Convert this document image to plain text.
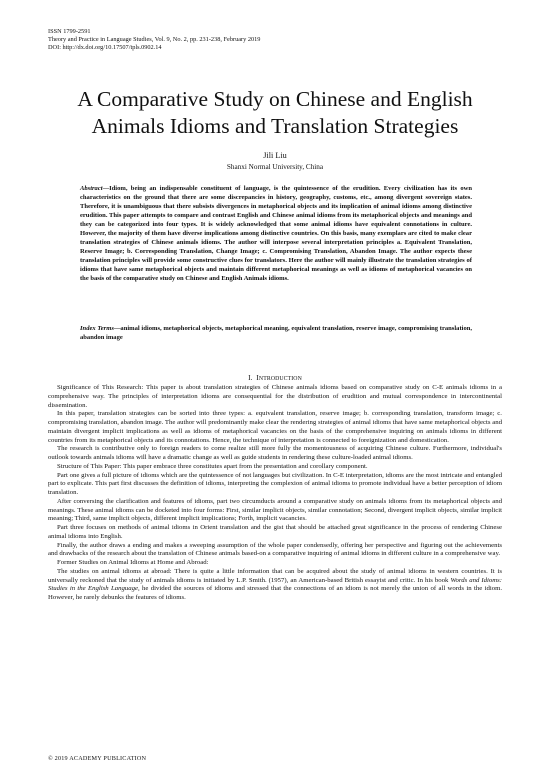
ISSN 1799-2591
Theory and Practice in Language Studies, Vol. 9, No. 2, pp. 231-238, February 2019
DOI: http://dx.doi.org/10.17507/tpls.0902.14
A Comparative Study on Chinese and English
Animals Idioms and Translation Strategies
Jili Liu
Shanxi Normal University, China
Abstract—Idiom, being an indispensable constituent of language, is the quintessence of the erudition. Every civilization has its own characteristics on the ground that there are some discrepancies in history, geography, customs, etc., among divergent sovereign states. Therefore, it is unambiguous that there subsists divergences in metaphorical objects and its implication of animal idioms among distinctive erudition. This paper attempts to compare and contrast English and Chinese animal idioms from its metaphorical objects and meanings and they can be categorized into four types. It is widely acknowledged that some animal idioms have equivalent connotations in culture. However, the majority of them have diverse implications among distinctive countries. On this basis, many exemplars are cited to make clear translation strategies of Chinese animals idioms. The author will interpose several interpretation principles a. Equivalent Translation, Reserve Image; b. Corresponding Translation, Change Image; c. Compromising Translation, Abandon Image. The author expects these translation principles will provide some constructive clues for translators. Here the author will mainly illustrate the translation strategies of idioms that have same metaphorical objects and maintain different metaphorical meanings as well as idioms of metaphorical vacancies on the basis of the comparative study on Chinese and English Animals idioms.
Index Terms—animal idioms, metaphorical objects, metaphorical meaning, equivalent translation, reserve image, compromising translation, abandon image
I. INTRODUCTION

Significance of This Research: This paper is about translation strategies of Chinese animals idioms based on comparative study on C-E animals idioms in a comprehensive way. The principles of interpretation idioms are consequential for the distribution of erudition and mutual correspondence in intercontinental dissemination.

In this paper, translation strategies can be sorted into three types: a. equivalent translation, reserve image; b. corresponding translation, transform image; c. compromising translation, abandon image. The author will predominantly make clear the rendering strategies of animal idioms that have same metaphorical objects and maintain divergent implicit implications as well as idioms of metaphorical vacancies on the basis of the comprehensive inquiring on animals idioms in different countries from its metaphorical objects and its connotations. Hence, the technique of interpretation is connected to foreignization and domestication.

The research is contributive only to foreign readers to come realize still more fully the momentousness of acquiring Chinese culture. Furthermore, individual's outlook towards animals idioms will have a dramatic change as well as guide students in rendering these culture-loaded animal idioms.

Structure of This Paper: This paper embrace three constitutes apart from the presentation and corollary component.

Part one gives a full picture of idioms which are the quintessence of not languages but civilization. In C-E interpretation, idioms are the most intricate and entangled part to explicate. This part first discusses the definition of idioms, interpreting the complexion of animal idioms to promote individual have a better perception of idiom translation.

After conversing the clarification and features of idioms, part two circumducts around a comparative study on animals idioms from its metaphorical objects and meanings. These animal idioms can be docketed into four forms: First, similar implicit objects, similar connotation; Second, divergent implicit objects, similar implicit meaning; Third, same implicit objects, different implicit implications; Forth, implicit vacancies.

Part three focuses on methods of animal idioms in Orient translation and the gist that should be attached great significance in the process of rendering Chinese animal idioms into English.

Finally, the author draws a ending and makes a sweeping assumption of the whole paper condensedly, offering her perspective and figuring out the achievements and drawbacks of the research about the translation of Chinese animals based-on a comparative inquiring of animal idioms in different culture in a comprehensive way.

Former Studies on Animal Idioms at Home and Abroad:

The studies on animal idioms at abroad: There is quite a little information that can be acquired about the study of animal idioms in western countries. It is universally reckoned that the study of animals idioms is initiated by L.P. Smith. (1957), an American-based British essayist and critic. In his book Words and Idioms: Studies in the English Language, he divided the sources of idioms and stressed that the connections of an idiom is not merely the union of all words in the idiom. However, he rarely debunks the features of idioms.

© 2019 ACADEMY PUBLICATION
